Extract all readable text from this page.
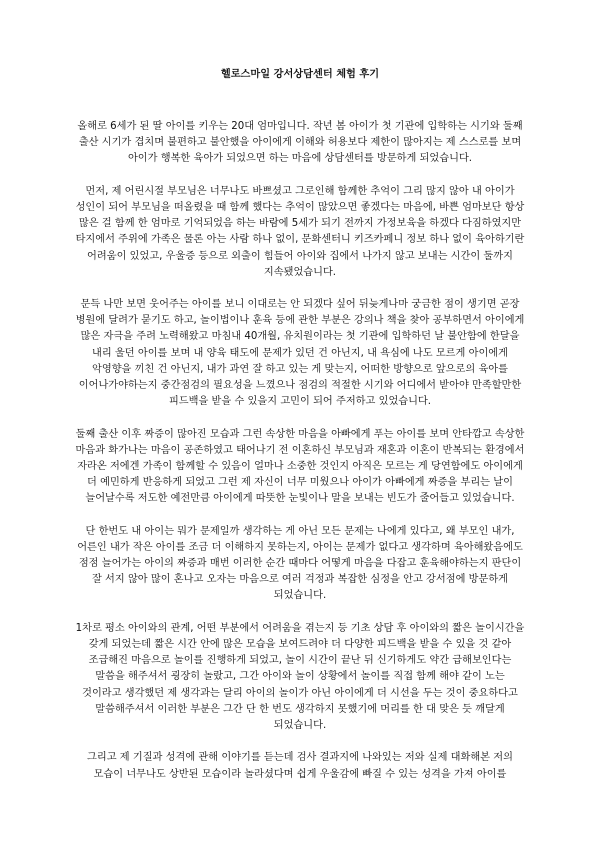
헬로스마일 강서상담센터 체험 후기
올해로 6세가 된 딸 아이를 키우는 20대 엄마입니다. 작년 봄 아이가 첫 기관에 입학하는 시기와 둘째
출산 시기가 겹치며 불편하고 불안했을 아이에게 이해와 허용보다 제한이 많아지는 제 스스로를 보며
아이가 행복한 육아가 되었으면 하는 마음에 상담센터를 방문하게 되었습니다.
먼저, 제 어린시절 부모님은 너무나도 바쁘셨고 그로인해 함께한 추억이 그리 많지 않아 내 아이가
성인이 되어 부모님을 떠올렸을 때 함께 했다는 추억이 많았으면 좋겠다는 마음에, 바쁜 엄마보단 항상
많은 걸 함께 한 엄마로 기억되었음 하는 바람에 5세가 되기 전까지 가정보육을 하겠다 다짐하였지만
타지에서 주위에 가족은 물론 아는 사람 하나 없이, 문화센터니 키즈카페니 정보 하나 없이 육아하기란
어려움이 있었고, 우울증 등으로 외출이 힘들어 아이와 집에서 나가지 않고 보내는 시간이 둘까지
지속됐었습니다.
문득 나만 보면 웃어주는 아이를 보니 이대로는 안 되겠다 싶어 뒤늦게나마 궁금한 점이 생기면 곧장
병원에 달려가 묻기도 하고, 놀이법이나 훈육 등에 관한 부분은 강의나 책을 찾아 공부하면서 아이에게
많은 자극을 주려 노력해왔고 마침내 40개월, 유치원이라는 첫 기관에 입학하던 날 불안함에 한달을
내리 울던 아이를 보며 내 양육 태도에 문제가 있던 건 아닌지, 내 욕심에 나도 모르게 아이에게
악영향을 끼친 건 아닌지, 내가 과연 잘 하고 있는 게 맞는지, 어떠한 방향으로 앞으로의 육아를
이어나가야하는지 중간점검의 필요성을 느꼈으나 점검의 적절한 시기와 어디에서 받아야 만족할만한
피드백을 받을 수 있을지 고민이 되어 주저하고 있었습니다.
둘째 출산 이후 짜증이 많아진 모습과 그런 속상한 마음을 아빠에게 푸는 아이를 보며 안타깝고 속상한
마음과 화가나는 마음이 공존하였고 태어나기 전 이혼하신 부모님과 재혼과 이혼이 반복되는 환경에서
자라온 저에겐 가족이 함께할 수 있음이 얼마나 소중한 것인지 아직은 모르는 게 당연함에도 아이에게
더 예민하게 반응하게 되었고 그런 제 자신이 너무 미웠으나 아이가 아빠에게 짜증을 부리는 날이
늘어날수록 저도한 예전만큼 아이에게 따뜻한 눈빛이나 말을 보내는 빈도가 줄어들고 있었습니다.
단 한번도 내 아이는 뭐가 문제일까 생각하는 게 아닌 모든 문제는 나에게 있다고, 왜 부모인 내가,
어른인 내가 작은 아이를 조금 더 이해하지 못하는지, 아이는 문제가 없다고 생각하며 육아해왔음에도
점점 늘어가는 아이의 짜증과 매번 이러한 순간 때마다 어떻게 마음을 다잡고 훈육해야하는지 판단이
잘 서지 않아 많이 혼나고 오자는 마음으로 여러 걱정과 복잡한 심정을 안고 강서점에 방문하게
되었습니다.
1차로 평소 아이와의 관계, 어떤 부분에서 어려움을 겪는지 등 기초 상담 후 아이와의 짧은 놀이시간을
갖게 되었는데 짧은 시간 안에 많은 모습을 보여드려야 더 다양한 피드백을 받을 수 있을 것 같아
조급해진 마음으로 놀이를 진행하게 되었고, 놀이 시간이 끝난 뒤 신기하게도 약간 급해보인다는
말씀을 해주셔서 굉장히 놀랐고, 그간 아이와 놀이 상황에서 놀이를 직접 함께 해야 같이 노는
것이라고 생각했던 제 생각과는 달리 아이의 놀이가 아닌 아이에게 더 시선을 두는 것이 중요하다고
말씀해주셔서 이러한 부분은 그간 단 한 번도 생각하지 못했기에 머리를 한 대 맞은 듯 깨달게
되었습니다.
그리고 제 기질과 성격에 관해 이야기를 듣는데 검사 결과지에 나와있는 저와 실제 대화해본 저의
모습이 너무나도 상반된 모습이라 놀라셨다며 쉽게 우울감에 빠질 수 있는 성격을 가져 아이를
